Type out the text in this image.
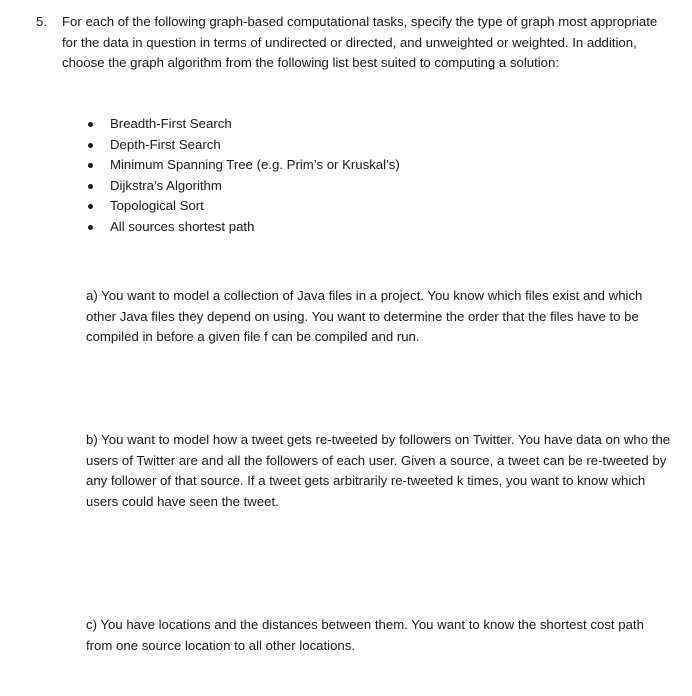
5. For each of the following graph-based computational tasks, specify the type of graph most appropriate for the data in question in terms of undirected or directed, and unweighted or weighted. In addition, choose the graph algorithm from the following list best suited to computing a solution:
Breadth-First Search
Depth-First Search
Minimum Spanning Tree (e.g. Prim’s or Kruskal’s)
Dijkstra’s Algorithm
Topological Sort
All sources shortest path
a) You want to model a collection of Java files in a project. You know which files exist and which other Java files they depend on using. You want to determine the order that the files have to be compiled in before a given file f can be compiled and run.
b) You want to model how a tweet gets re-tweeted by followers on Twitter. You have data on who the users of Twitter are and all the followers of each user. Given a source, a tweet can be re-tweeted by any follower of that source. If a tweet gets arbitrarily re-tweeted k times, you want to know which users could have seen the tweet.
c) You have locations and the distances between them. You want to know the shortest cost path from one source location to all other locations.
